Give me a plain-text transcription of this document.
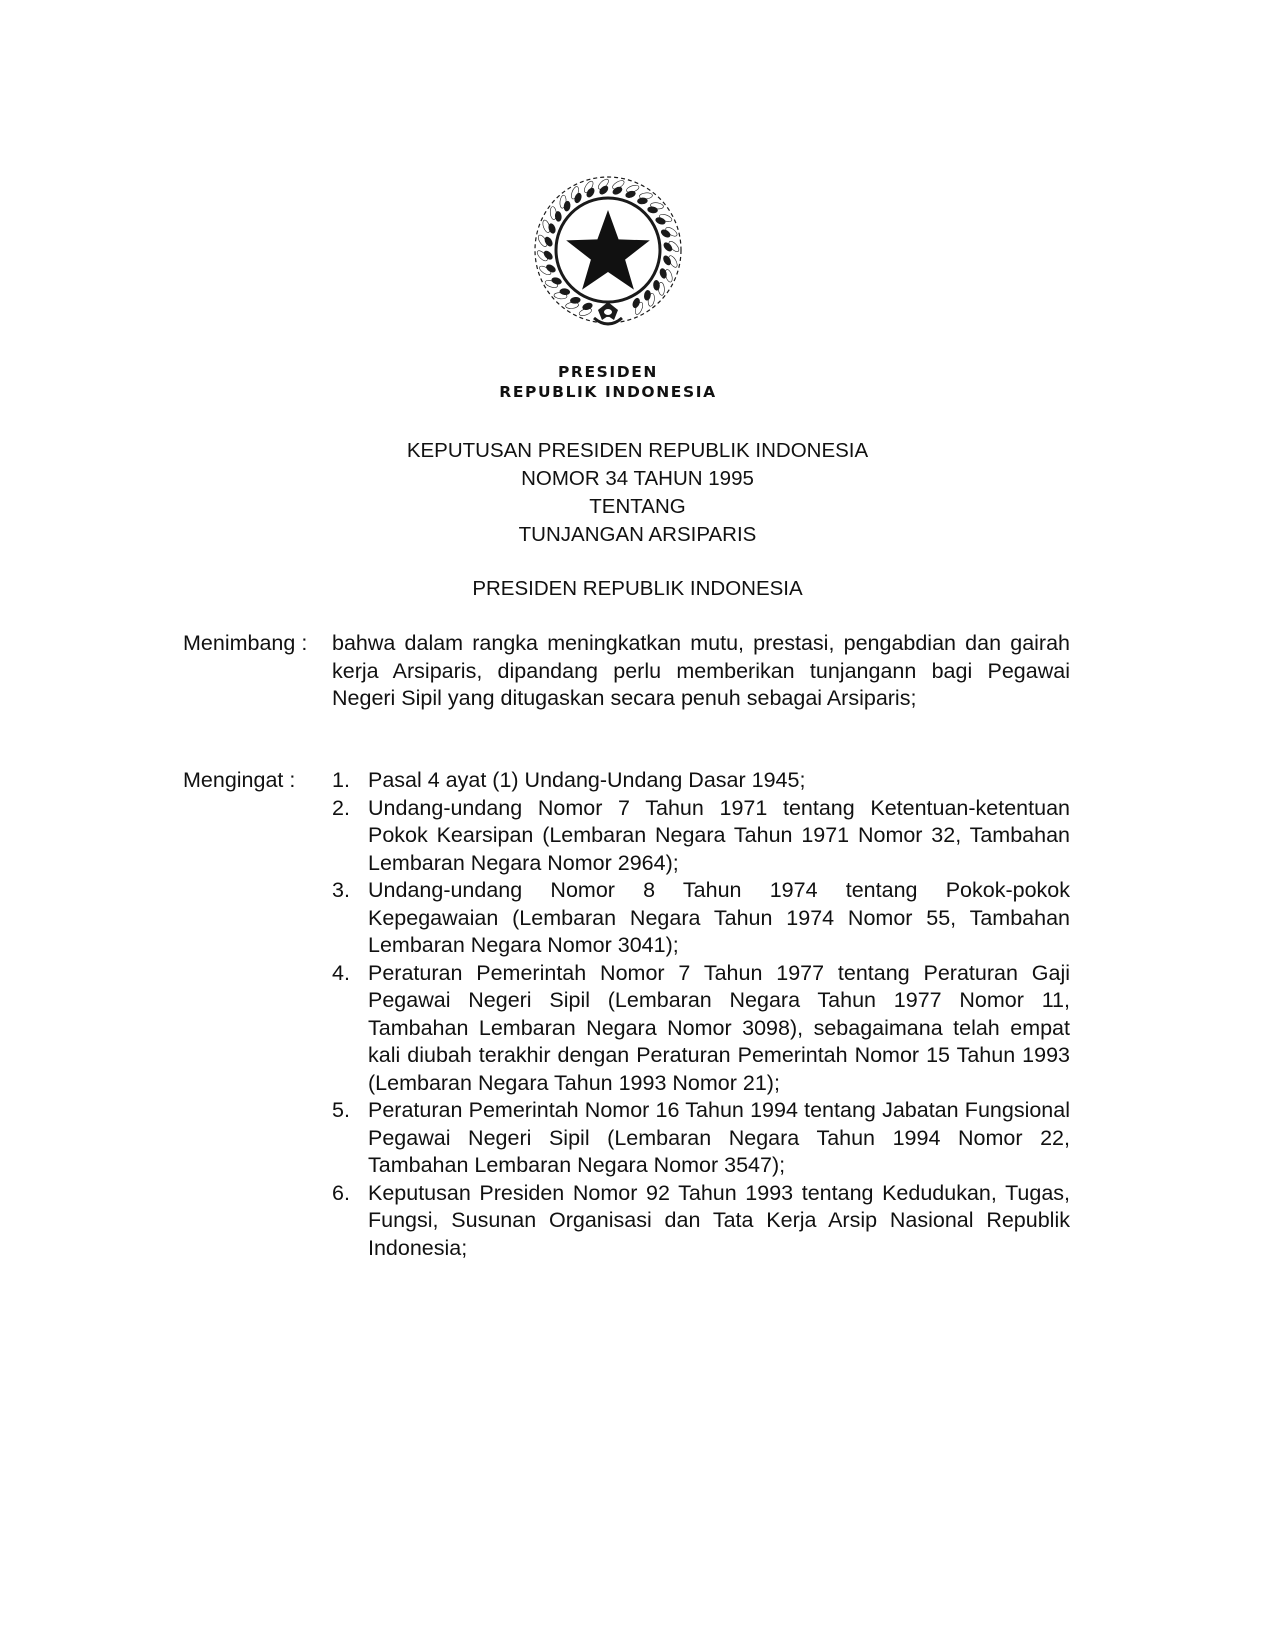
PRESIDEN
REPUBLIK INDONESIA
KEPUTUSAN PRESIDEN REPUBLIK INDONESIA
NOMOR 34 TAHUN 1995
TENTANG
TUNJANGAN ARSIPARIS
PRESIDEN REPUBLIK INDONESIA
Menimbang : bahwa dalam rangka meningkatkan mutu, prestasi, pengabdian dan gairah kerja Arsiparis, dipandang perlu memberikan tunjangann bagi Pegawai Negeri Sipil yang ditugaskan secara penuh sebagai Arsiparis;
Mengingat : 1. Pasal 4 ayat (1) Undang-Undang Dasar 1945;
2. Undang-undang Nomor 7 Tahun 1971 tentang Ketentuan-ketentuan Pokok Kearsipan (Lembaran Negara Tahun 1971 Nomor 32, Tambahan Lembaran Negara Nomor 2964);
3. Undang-undang Nomor 8 Tahun 1974 tentang Pokok-pokok Kepegawaian (Lembaran Negara Tahun 1974 Nomor 55, Tambahan Lembaran Negara Nomor 3041);
4. Peraturan Pemerintah Nomor 7 Tahun 1977 tentang Peraturan Gaji Pegawai Negeri Sipil (Lembaran Negara Tahun 1977 Nomor 11, Tambahan Lembaran Negara Nomor 3098), sebagaimana telah empat kali diubah terakhir dengan Peraturan Pemerintah Nomor 15 Tahun 1993 (Lembaran Negara Tahun 1993 Nomor 21);
5. Peraturan Pemerintah Nomor 16 Tahun 1994 tentang Jabatan Fungsional Pegawai Negeri Sipil (Lembaran Negara Tahun 1994 Nomor 22, Tambahan Lembaran Negara Nomor 3547);
6. Keputusan Presiden Nomor 92 Tahun 1993 tentang Kedudukan, Tugas, Fungsi, Susunan Organisasi dan Tata Kerja Arsip Nasional Republik Indonesia;
